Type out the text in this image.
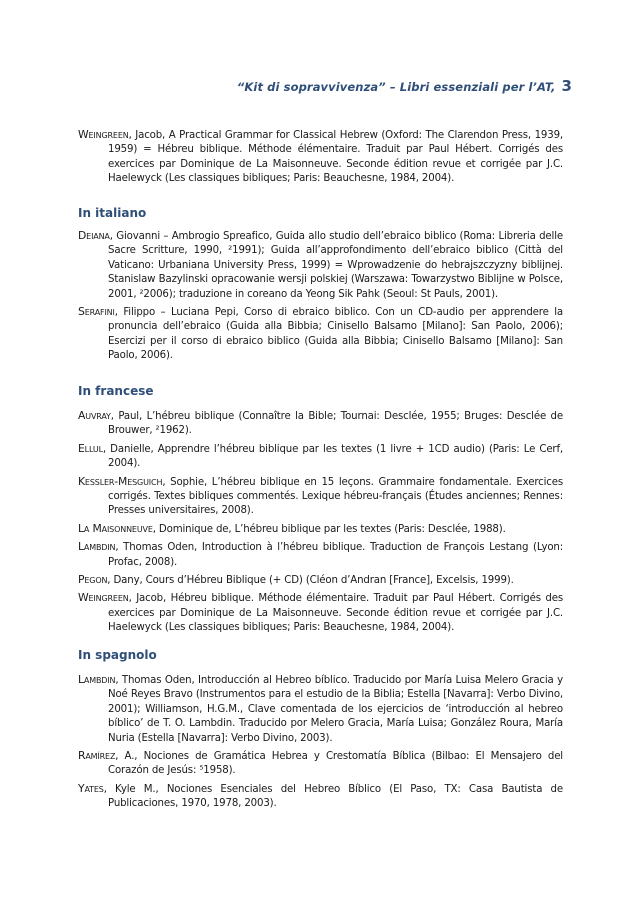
“Kit di sopravvivenza” – Libri essenziali per l’AT, 3

Weingreen, Jacob, A Practical Grammar for Classical Hebrew (Oxford: The Clarendon Press, 1939, 1959) = Hébreu biblique. Méthode élémentaire. Traduit par Paul Hébert. Corrigés des exercices par Dominique de La Maisonneuve. Seconde édition revue et corrigée par J.C. Haelewyck (Les classiques bibliques; Paris: Beauchesne, 1984, 2004).

In italiano

Deiana, Giovanni – Ambrogio Spreafico, Guida allo studio dell’ebraico biblico (Roma: Libreria delle Sacre Scritture, 1990, ²1991); Guida all’approfondimento dell’ebraico biblico (Città del Vaticano: Urbaniana University Press, 1999) = Wprowadzenie do hebrajszczyzny biblijnej. Stanislaw Bazylinski opracowanie wersji polskiej (Warszawa: Towarzystwo Biblijne w Polsce, 2001, ²2006); traduzione in coreano da Yeong Sik Pahk (Seoul: St Pauls, 2001).

Serafini, Filippo – Luciana Pepi, Corso di ebraico biblico. Con un CD-audio per apprendere la pronuncia dell’ebraico (Guida alla Bibbia; Cinisello Balsamo [Milano]: San Paolo, 2006); Esercizi per il corso di ebraico biblico (Guida alla Bibbia; Cinisello Balsamo [Milano]: San Paolo, 2006).

In francese

Auvray, Paul, L’hébreu biblique (Connaître la Bible; Tournai: Desclée, 1955; Bruges: Desclée de Brouwer, ²1962).

Ellul, Danielle, Apprendre l’hébreu biblique par les textes (1 livre + 1CD audio) (Paris: Le Cerf, 2004).

Kessler-Mesguich, Sophie, L’hébreu biblique en 15 leçons. Grammaire fondamentale. Exercices corrigés. Textes bibliques commentés. Lexique hébreu-français (Études anciennes; Rennes: Presses universitaires, 2008).

La Maisonneuve, Dominique de, L’hébreu biblique par les textes (Paris: Desclée, 1988).

Lambdin, Thomas Oden, Introduction à l’hébreu biblique. Traduction de François Lestang (Lyon: Profac, 2008).

Pegon, Dany, Cours d’Hébreu Biblique (+ CD) (Cléon d’Andran [France], Excelsis, 1999).

Weingreen, Jacob, Hébreu biblique. Méthode élémentaire. Traduit par Paul Hébert. Corrigés des exercices par Dominique de La Maisonneuve. Seconde édition revue et corrigée par J.C. Haelewyck (Les classiques bibliques; Paris: Beauchesne, 1984, 2004).

In spagnolo

Lambdin, Thomas Oden, Introducción al Hebreo bíblico. Traducido por María Luisa Melero Gracia y Noé Reyes Bravo (Instrumentos para el estudio de la Biblia; Estella [Navarra]: Verbo Divino, 2001); Williamson, H.G.M., Clave comentada de los ejercicios de ‘introducción al hebreo bíblico’ de T. O. Lambdin. Traducido por Melero Gracia, María Luisa; González Roura, María Nuria (Estella [Navarra]: Verbo Divino, 2003).

Ramírez, A., Nociones de Gramática Hebrea y Crestomatía Bíblica (Bilbao: El Mensajero del Corazón de Jesús: ⁵1958).

Yates, Kyle M., Nociones Esenciales del Hebreo Bíblico (El Paso, TX: Casa Bautista de Publicaciones, 1970, 1978, 2003).
